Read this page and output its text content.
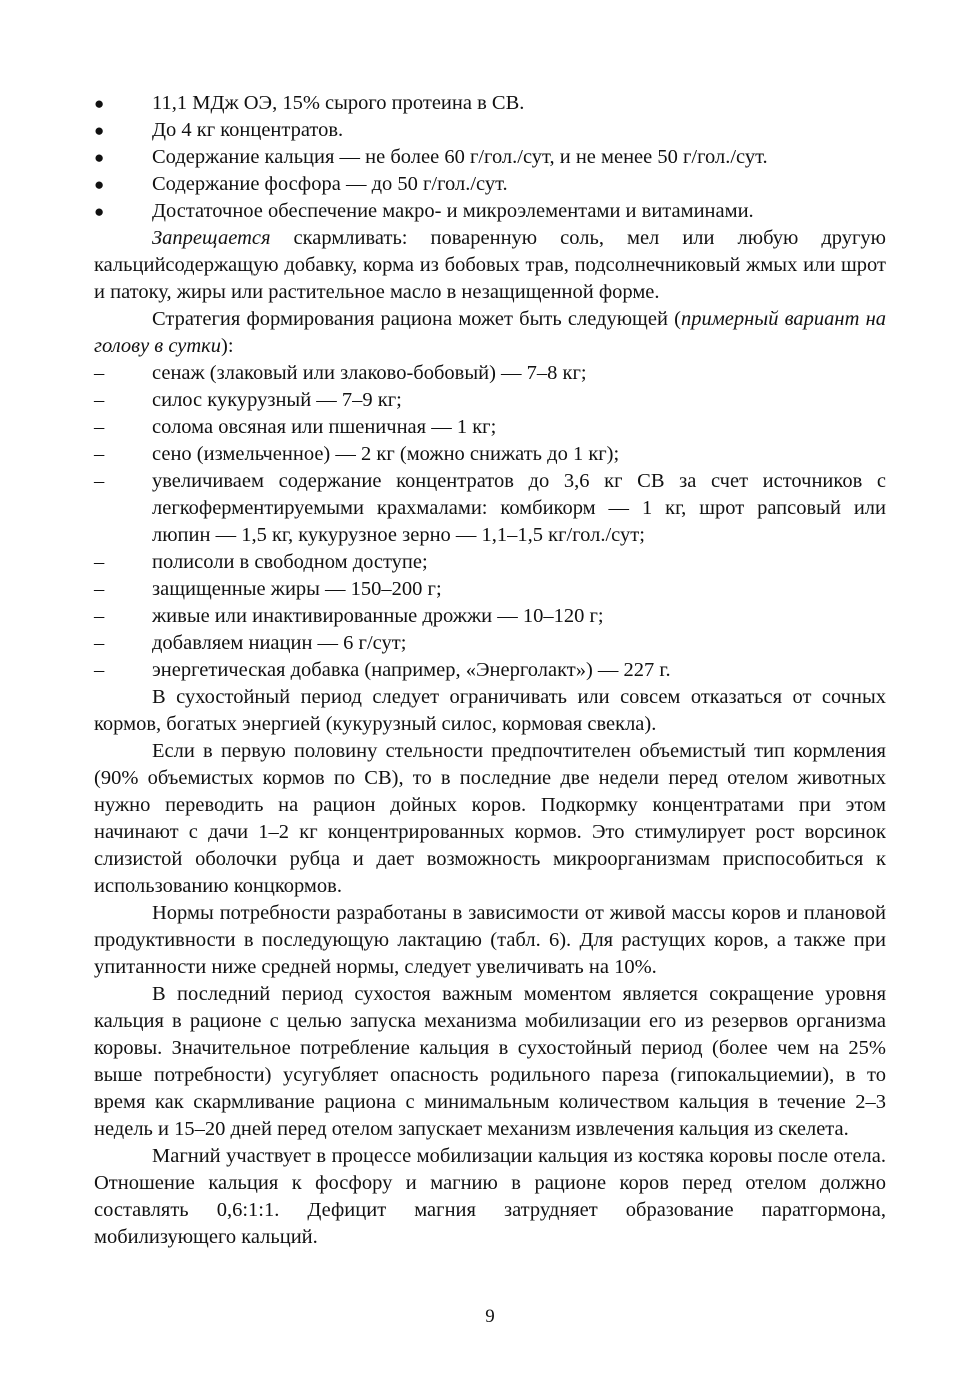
● 11,1 МДж ОЭ, 15% сырого протеина в СВ.
● До 4 кг концентратов.
● Содержание кальция — не более 60 г/гол./сут, и не менее 50 г/гол./сут.
● Содержание фосфора — до 50 г/гол./сут.
● Достаточное обеспечение макро- и микроэлементами и витаминами.

Запрещается скармливать: поваренную соль, мел или любую другую кальцийсодержащую добавку, корма из бобовых трав, подсолнечниковый жмых или шрот и патоку, жиры или растительное масло в незащищенной форме.

Стратегия формирования рациона может быть следующей (примерный вариант на голову в сутки):

– сенаж (злаковый или злаково-бобовый) — 7–8 кг;
– силос кукурузный — 7–9 кг;
– солома овсяная или пшеничная — 1 кг;
– сено (измельченное) — 2 кг (можно снижать до 1 кг);
– увеличиваем содержание концентратов до 3,6 кг СВ за счет источников с легкоферментируемыми крахмалами: комбикорм — 1 кг, шрот рапсовый или люпин — 1,5 кг, кукурузное зерно — 1,1–1,5 кг/гол./сут;
– полисоли в свободном доступе;
– защищенные жиры — 150–200 г;
– живые или инактивированные дрожжи — 10–120 г;
– добавляем ниацин — 6 г/сут;
– энергетическая добавка (например, «Энерголакт») — 227 г.

В сухостойный период следует ограничивать или совсем отказаться от сочных кормов, богатых энергией (кукурузный силос, кормовая свекла).

Если в первую половину стельности предпочтителен объемистый тип кормления (90% объемистых кормов по СВ), то в последние две недели перед отелом животных нужно переводить на рацион дойных коров. Подкормку концентратами при этом начинают с дачи 1–2 кг концентрированных кормов. Это стимулирует рост ворсинок слизистой оболочки рубца и дает возможность микроорганизмам приспособиться к использованию концкормов.

Нормы потребности разработаны в зависимости от живой массы коров и плановой продуктивности в последующую лактацию (табл. 6). Для растущих коров, а также при упитанности ниже средней нормы, следует увеличивать на 10%.

В последний период сухостоя важным моментом является сокращение уровня кальция в рационе с целью запуска механизма мобилизации его из резервов организма коровы. Значительное потребление кальция в сухостойный период (более чем на 25% выше потребности) усугубляет опасность родильного пареза (гипокальциемии), в то время как скармливание рациона с минимальным количеством кальция в течение 2–3 недель и 15–20 дней перед отелом запускает механизм извлечения кальция из скелета.

Магний участвует в процессе мобилизации кальция из костяка коровы после отела. Отношение кальция к фосфору и магнию в рационе коров перед отелом должно составлять 0,6:1:1. Дефицит магния затрудняет образование паратгормона, мобилизующего кальций.

9
